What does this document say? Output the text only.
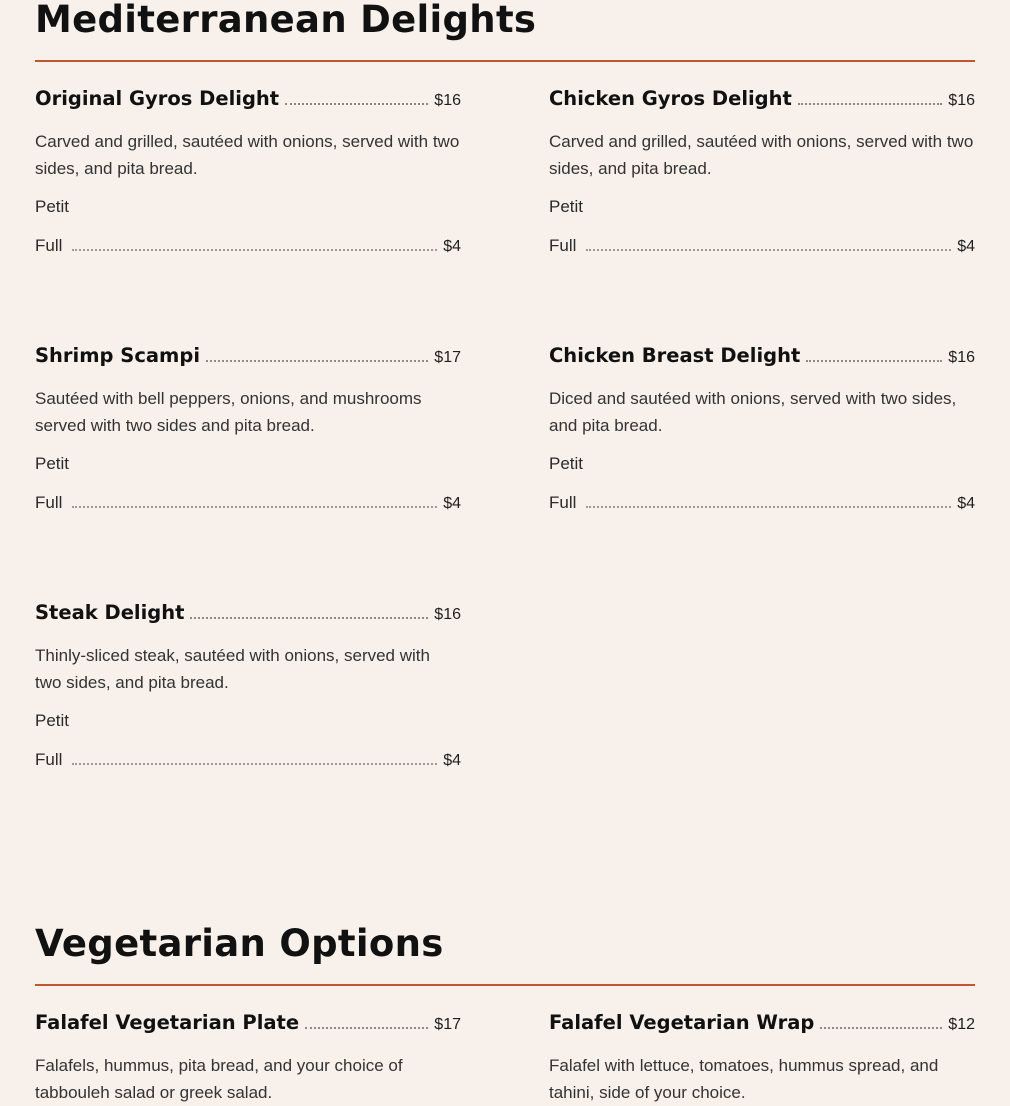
Mediterranean Delights
Original Gyros Delight	$16
Carved and grilled, sautéed with onions, served with two sides, and pita bread.
Petit
Full	$4
Chicken Gyros Delight	$16
Carved and grilled, sautéed with onions, served with two sides, and pita bread.
Petit
Full	$4
Shrimp Scampi	$17
Sautéed with bell peppers, onions, and mushrooms served with two sides and pita bread.
Petit
Full	$4
Chicken Breast Delight	$16
Diced and sautéed with onions, served with two sides, and pita bread.
Petit
Full	$4
Steak Delight	$16
Thinly-sliced steak, sautéed with onions, served with two sides, and pita bread.
Petit
Full	$4
Vegetarian Options
Falafel Vegetarian Plate	$17
Falafels, hummus, pita bread, and your choice of tabbouleh salad or greek salad.
Falafel Vegetarian Wrap	$12
Falafel with lettuce, tomatoes, hummus spread, and tahini, side of your choice.
